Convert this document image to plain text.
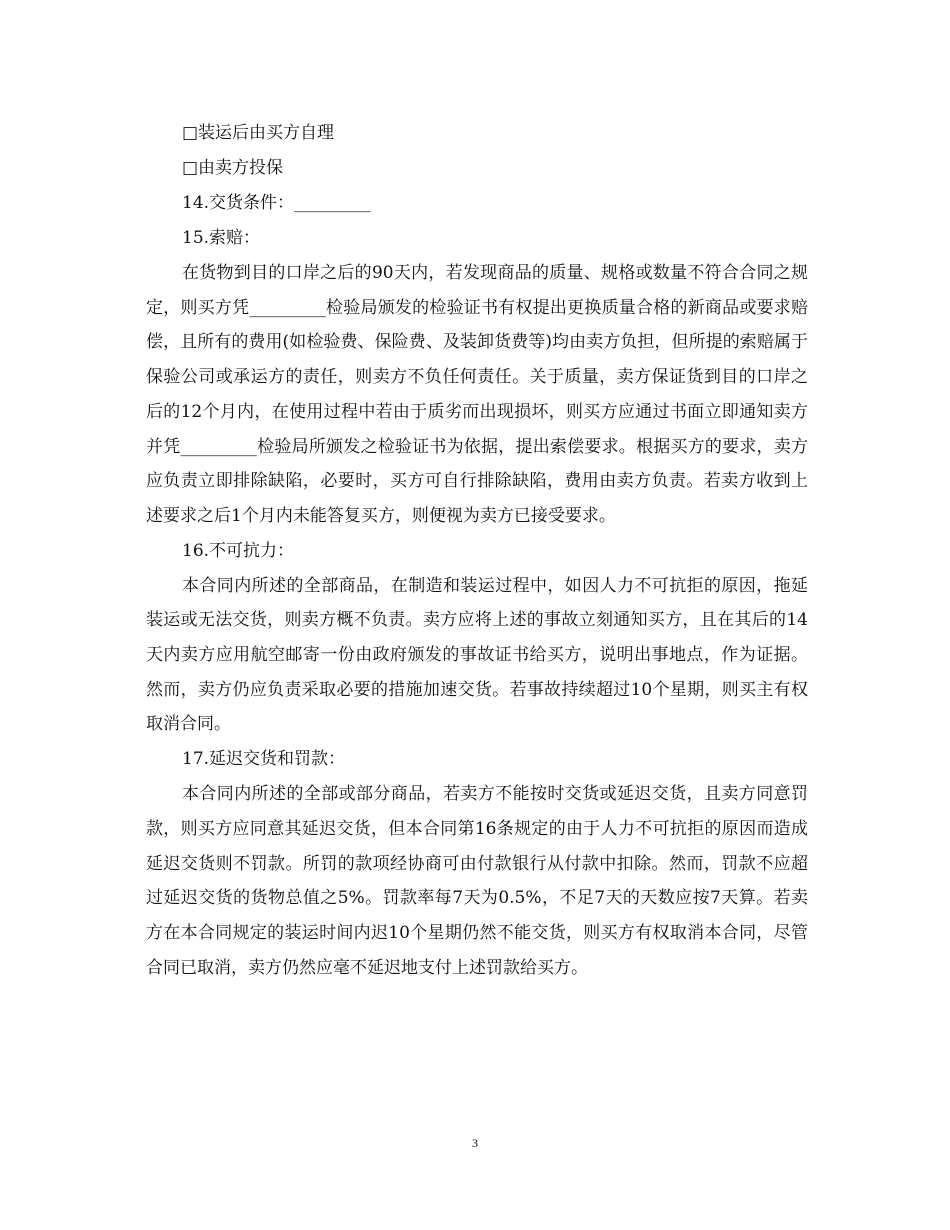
□装运后由买方自理
□由卖方投保
14.交货条件：_________
15.索赔：

在货物到目的口岸之后的90天内，若发现商品的质量、规格或数量不符合合同之规定，则买方凭_________检验局颁发的检验证书有权提出更换质量合格的新商品或要求赔偿，且所有的费用(如检验费、保险费、及装卸货费等)均由卖方负担，但所提的索赔属于保验公司或承运方的责任，则卖方不负任何责任。关于质量，卖方保证货到目的口岸之后的12个月内，在使用过程中若由于质劣而出现损坏，则买方应通过书面立即通知卖方并凭_________检验局所颁发之检验证书为依据，提出索偿要求。根据买方的要求，卖方应负责立即排除缺陷，必要时，买方可自行排除缺陷，费用由卖方负责。若卖方收到上述要求之后1个月内未能答复买方，则便视为卖方已接受要求。

16.不可抗力：

本合同内所述的全部商品，在制造和装运过程中，如因人力不可抗拒的原因，拖延装运或无法交货，则卖方概不负责。卖方应将上述的事故立刻通知买方，且在其后的14天内卖方应用航空邮寄一份由政府颁发的事故证书给买方，说明出事地点，作为证据。然而，卖方仍应负责采取必要的措施加速交货。若事故持续超过10个星期，则买主有权取消合同。

17.延迟交货和罚款：

本合同内所述的全部或部分商品，若卖方不能按时交货或延迟交货，且卖方同意罚款，则买方应同意其延迟交货，但本合同第16条规定的由于人力不可抗拒的原因而造成延迟交货则不罚款。所罚的款项经协商可由付款银行从付款中扣除。然而，罚款不应超过延迟交货的货物总值之5%。罚款率每7天为0.5%，不足7天的天数应按7天算。若卖方在本合同规定的装运时间内迟10个星期仍然不能交货，则买方有权取消本合同，尽管合同已取消，卖方仍然应毫不延迟地支付上述罚款给买方。

3
